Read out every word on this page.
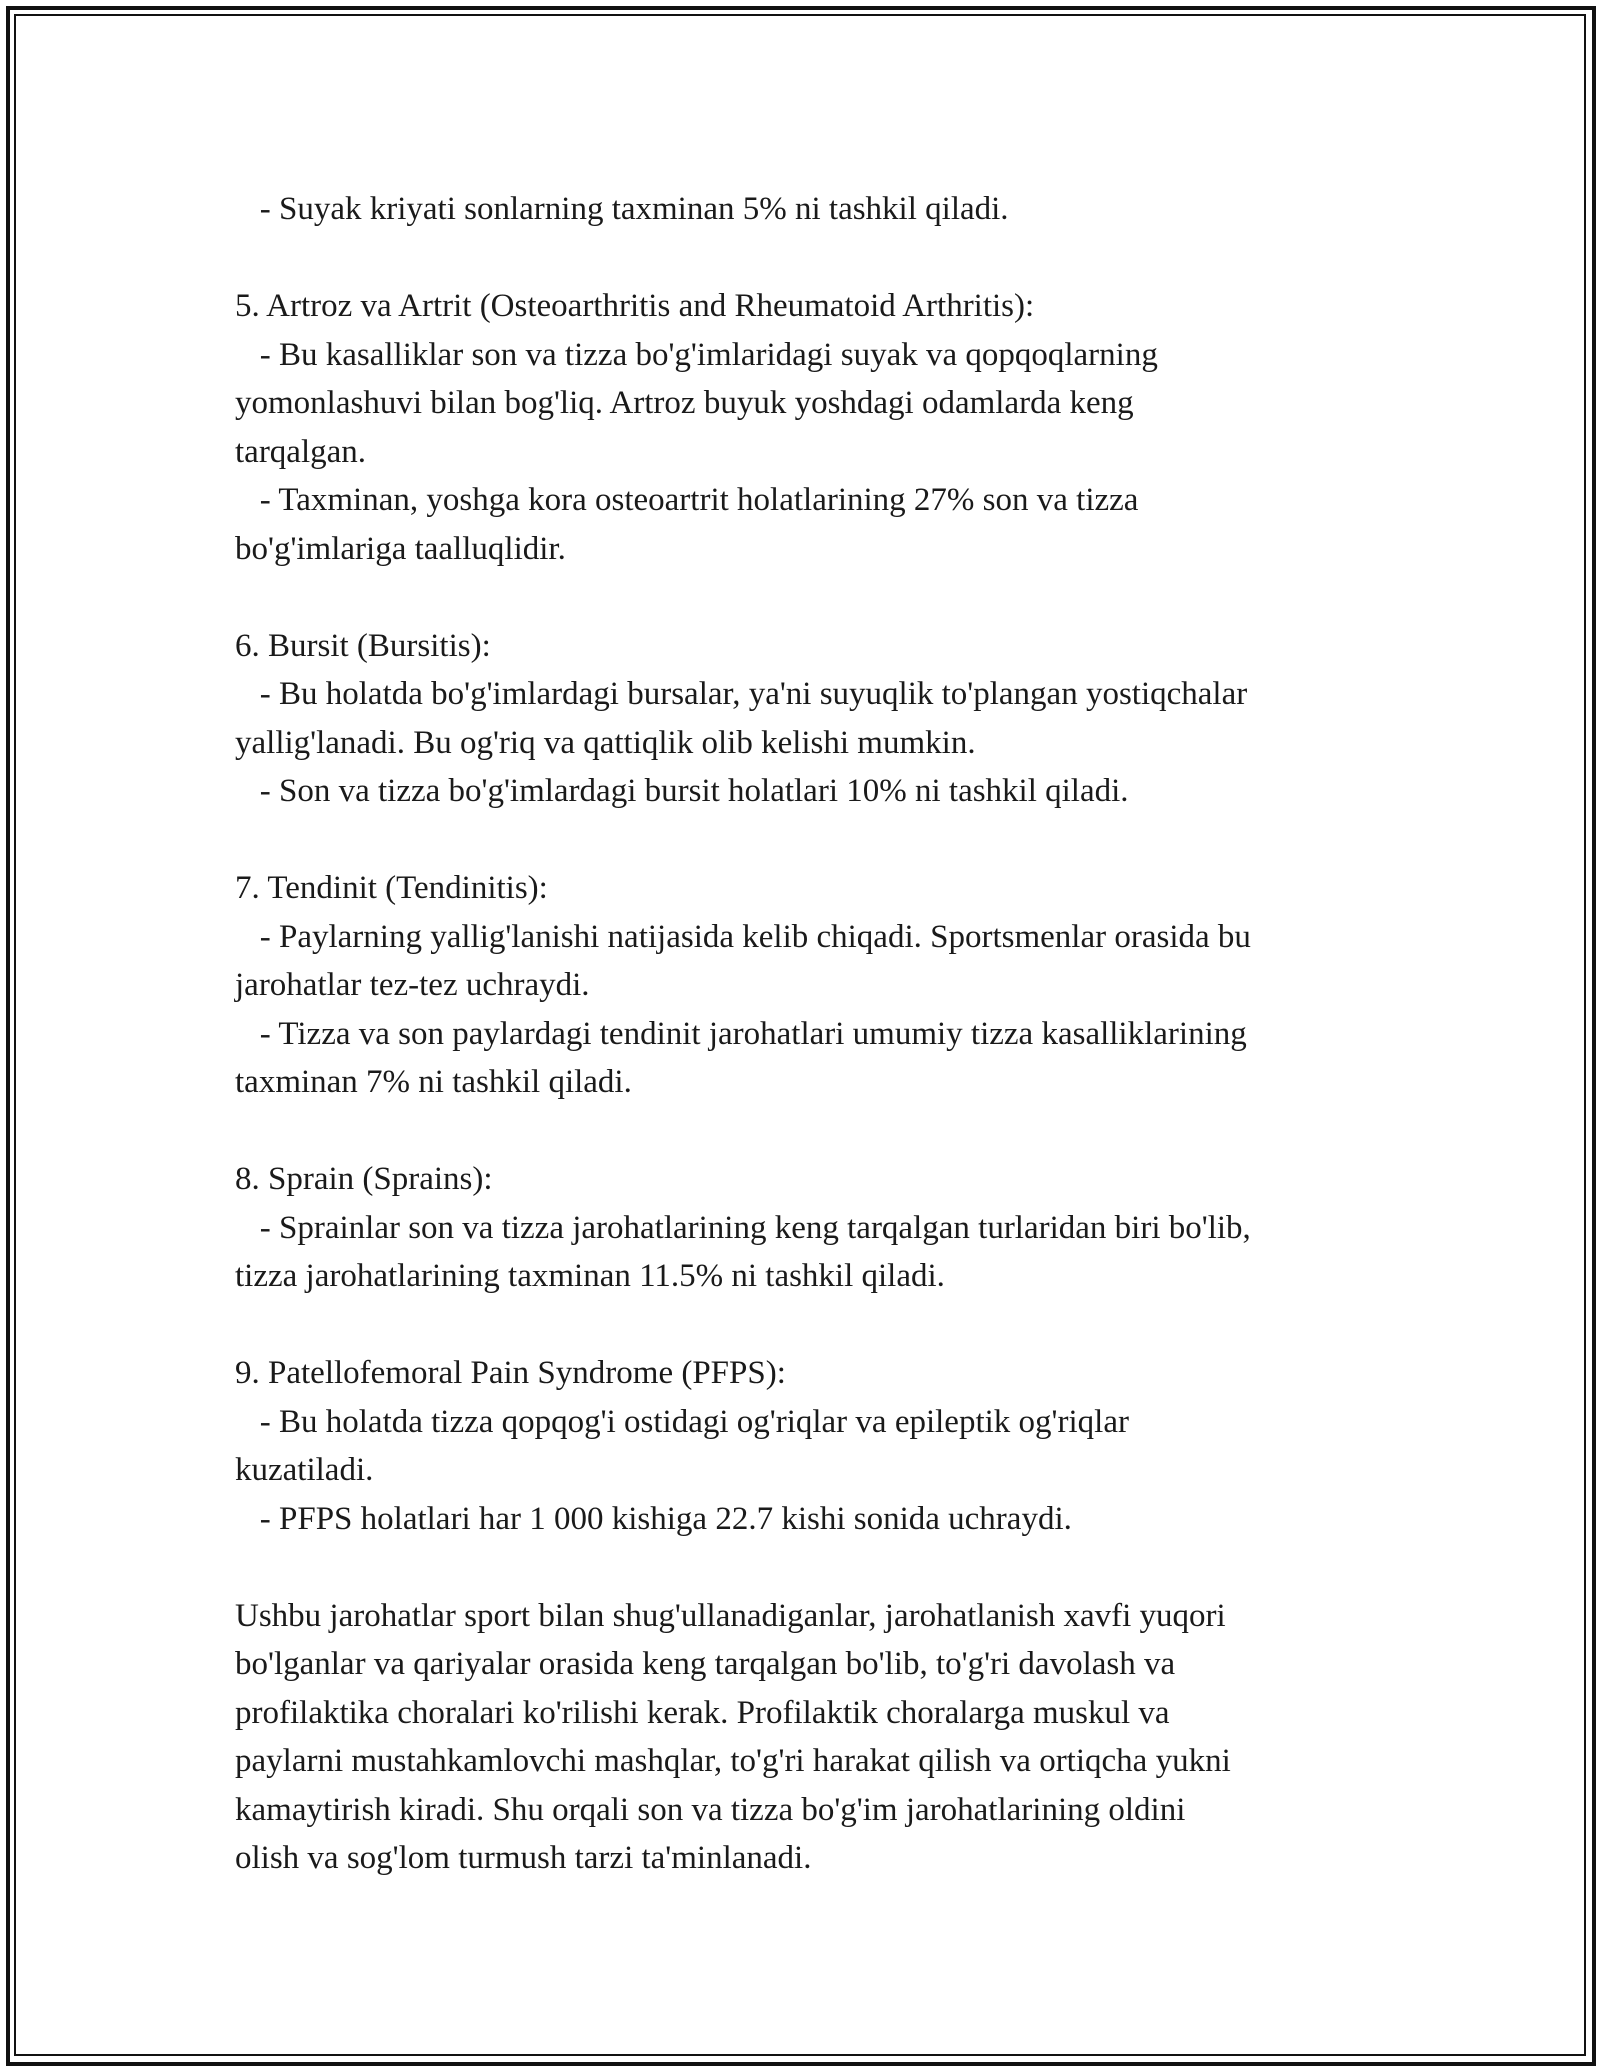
- Suyak kriyati sonlarning taxminan 5% ni tashkil qiladi.

5. Artroz va Artrit (Osteoarthritis and Rheumatoid Arthritis):

- Bu kasalliklar son va tizza bo'g'imlaridagi suyak va qopqoqlarning

yomonlashuvi bilan bog'liq. Artroz buyuk yoshdagi odamlarda keng

tarqalgan.

- Taxminan, yoshga kora osteoartrit holatlarining 27% son va tizza

bo'g'imlariga taalluqlidir.

6. Bursit (Bursitis):

- Bu holatda bo'g'imlardagi bursalar, ya'ni suyuqlik to'plangan yostiqchalar

yallig'lanadi. Bu og'riq va qattiqlik olib kelishi mumkin.

- Son va tizza bo'g'imlardagi bursit holatlari 10% ni tashkil qiladi.

7. Tendinit (Tendinitis):

- Paylarning yallig'lanishi natijasida kelib chiqadi. Sportsmenlar orasida bu

jarohatlar tez-tez uchraydi.

- Tizza va son paylardagi tendinit jarohatlari umumiy tizza kasalliklarining

taxminan 7% ni tashkil qiladi.

8. Sprain (Sprains):

- Sprainlar son va tizza jarohatlarining keng tarqalgan turlaridan biri bo'lib,

tizza jarohatlarining taxminan 11.5% ni tashkil qiladi.

9. Patellofemoral Pain Syndrome (PFPS):

- Bu holatda tizza qopqog'i ostidagi og'riqlar va epileptik og'riqlar

kuzatiladi.

- PFPS holatlari har 1 000 kishiga 22.7 kishi sonida uchraydi.

Ushbu jarohatlar sport bilan shug'ullanadiganlar, jarohatlanish xavfi yuqori

bo'lganlar va qariyalar orasida keng tarqalgan bo'lib, to'g'ri davolash va

profilaktika choralari ko'rilishi kerak. Profilaktik choralarga muskul va

paylarni mustahkamlovchi mashqlar, to'g'ri harakat qilish va ortiqcha yukni

kamaytirish kiradi. Shu orqali son va tizza bo'g'im jarohatlarining oldini

olish va sog'lom turmush tarzi ta'minlanadi.
